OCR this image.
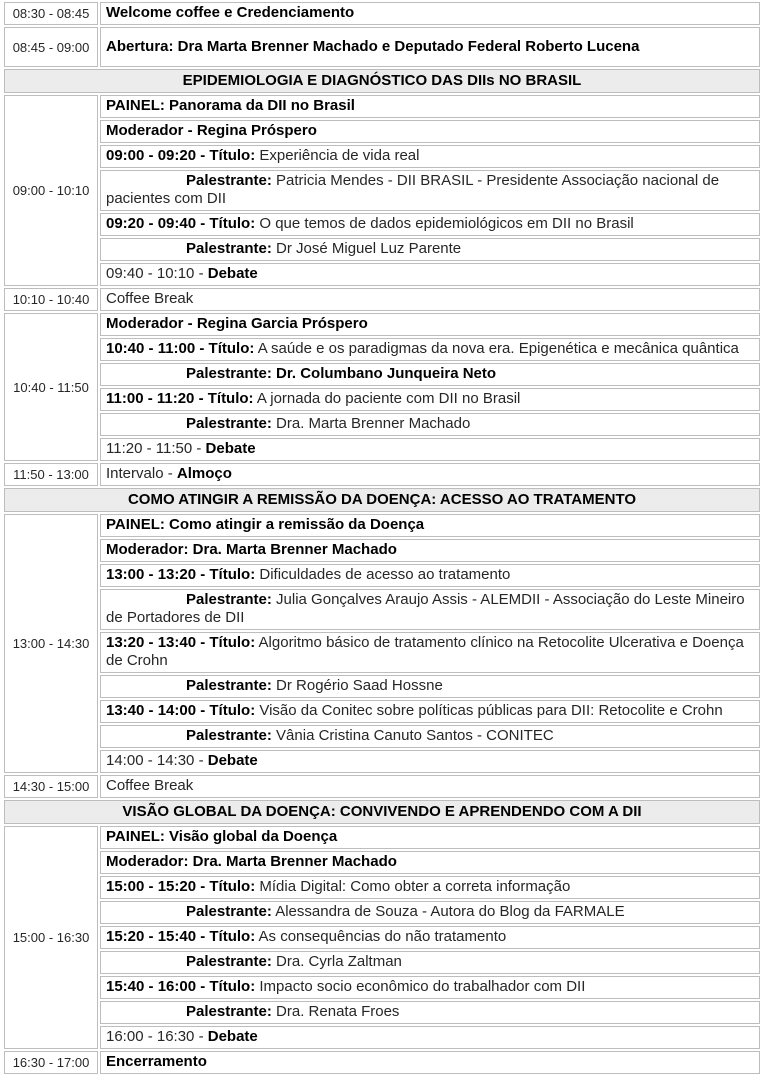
08:30 - 08:45	Welcome coffee e Credenciamento
08:45 - 09:00	Abertura: Dra Marta Brenner Machado e Deputado Federal Roberto Lucena
EPIDEMIOLOGIA E DIAGNÓSTICO DAS DIIs NO BRASIL	
09:00 - 10:10	PAINEL: Panorama da DII no Brasil
	Moderador - Regina Próspero
	09:00 - 09:20 - Título: Experiência de vida real
	Palestrante: Patricia Mendes - DII BRASIL - Presidente Associação nacional de pacientes com DII
	09:20 - 09:40 - Título: O que temos de dados epidemiológicos em DII no Brasil
	Palestrante: Dr José Miguel Luz Parente
	09:40 - 10:10 - Debate
10:10 - 10:40	Coffee Break
10:40 - 11:50	Moderador - Regina Garcia Próspero
	10:40 - 11:00 - Título: A saúde e os paradigmas da nova era. Epigenética e mecânica quântica
	Palestrante: Dr. Columbano Junqueira Neto
	11:00 - 11:20 - Título: A jornada do paciente com DII no Brasil
	Palestrante: Dra. Marta Brenner Machado
	11:20 - 11:50 - Debate
11:50 - 13:00	Intervalo - Almoço
COMO ATINGIR A REMISSÃO DA DOENÇA: ACESSO AO TRATAMENTO	
13:00 - 14:30	PAINEL: Como atingir a remissão da Doença
	Moderador: Dra. Marta Brenner Machado
	13:00 - 13:20 - Título: Dificuldades de acesso ao tratamento
	Palestrante: Julia Gonçalves Araujo Assis - ALEMDII - Associação do Leste Mineiro de Portadores de DII
	13:20 - 13:40 - Título: Algoritmo básico de tratamento clínico na Retocolite Ulcerativa e Doença de Crohn
	Palestrante: Dr Rogério Saad Hossne
	13:40 - 14:00 - Título: Visão da Conitec sobre políticas públicas para DII: Retocolite e Crohn
	Palestrante: Vânia Cristina Canuto Santos - CONITEC
	14:00 - 14:30 - Debate
14:30 - 15:00	Coffee Break
VISÃO GLOBAL DA DOENÇA: CONVIVENDO E APRENDENDO COM A DII	
15:00 - 16:30	PAINEL: Visão global da Doença
	Moderador: Dra. Marta Brenner Machado
	15:00 - 15:20 - Título: Mídia Digital: Como obter a correta informação
	Palestrante: Alessandra de Souza - Autora do Blog da FARMALE
	15:20 - 15:40 - Título: As consequências do não tratamento
	Palestrante: Dra. Cyrla Zaltman
	15:40 - 16:00 - Título: Impacto socio econômico do trabalhador com DII
	Palestrante: Dra. Renata Froes
	16:00 - 16:30 - Debate
16:30 - 17:00	Encerramento
